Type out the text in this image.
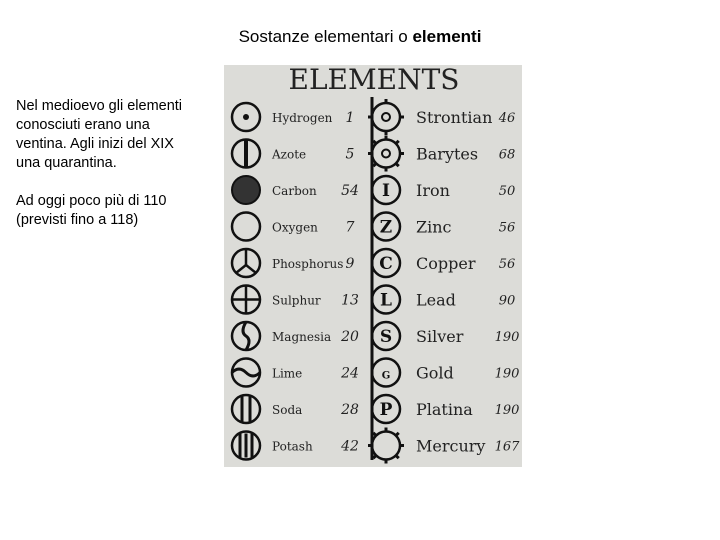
Sostanze elementari o elementi

Nel medioevo gli elementi conosciuti erano una ventina. Agli inizi del XIX una quarantina.

Ad oggi poco più di 110 (previsti fino a 118)

ELEMENTS
Hydrogen 1
Azote	5
Carbon 54
Oxygen 7
Phosphorus 9
Sulphur 13
Magnesia 20
Lime	24
Soda	28
Potash 42
Strontian 46
Barytes 68
I Iron	50
Z Zinc	56
C Copper 56
L Lead	90
S Silver 190
G Gold	190
P Platina 190
Mercury 167
